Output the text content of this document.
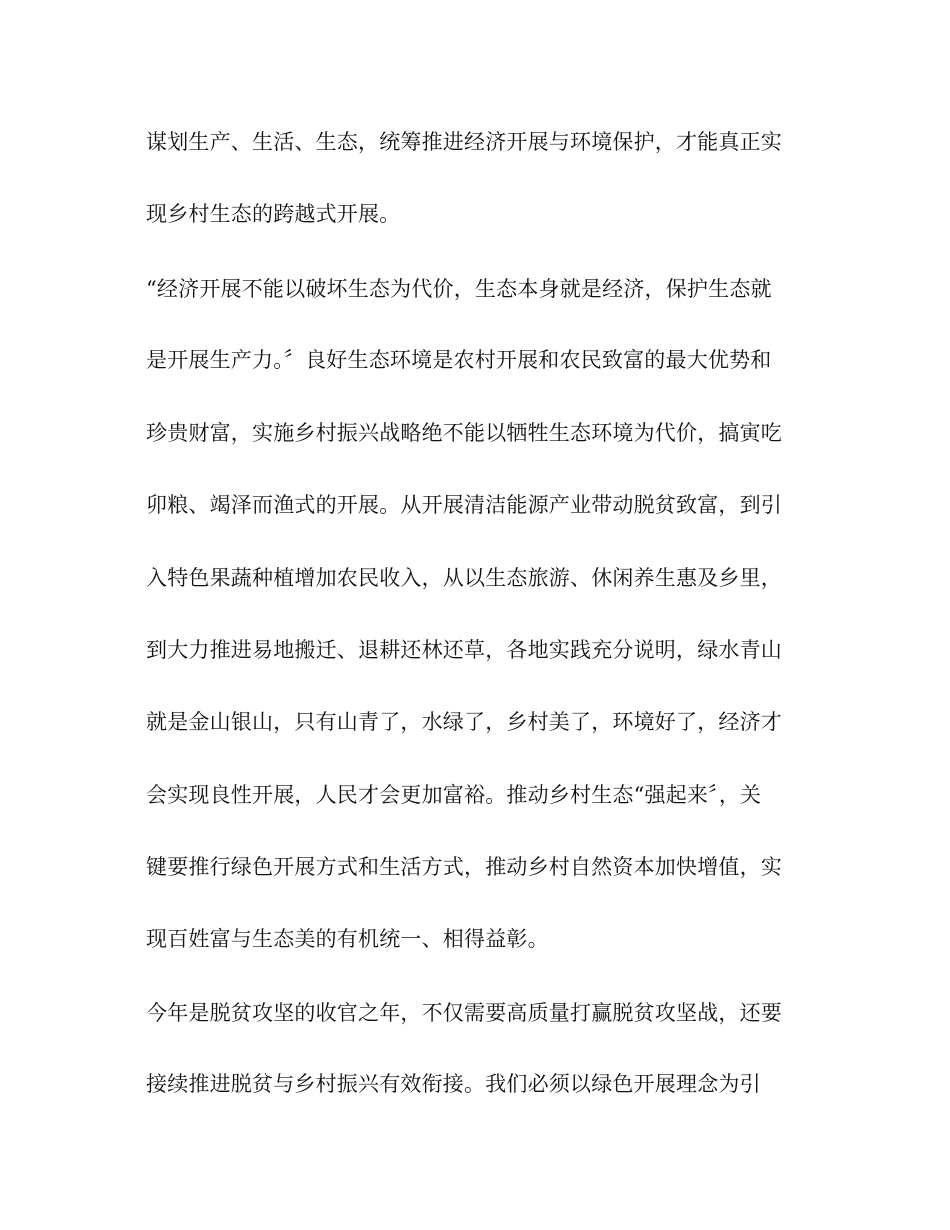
谋划生产、生活、生态，统筹推进经济开展与环境保护，才能真正实
现乡村生态的跨越式开展。
“经济开展不能以破坏生态为代价，生态本身就是经济，保护生态就
是开展生产力。〞良好生态环境是农村开展和农民致富的最大优势和
珍贵财富，实施乡村振兴战略绝不能以牺牲生态环境为代价，搞寅吃
卯粮、竭泽而渔式的开展。从开展清洁能源产业带动脱贫致富，到引
入特色果蔬种植增加农民收入，从以生态旅游、休闲养生惠及乡里，
到大力推进易地搬迁、退耕还林还草，各地实践充分说明，绿水青山
就是金山银山，只有山青了，水绿了，乡村美了，环境好了，经济才
会实现良性开展，人民才会更加富裕。推动乡村生态“强起来〞，关
键要推行绿色开展方式和生活方式，推动乡村自然资本加快增值，实
现百姓富与生态美的有机统一、相得益彰。
今年是脱贫攻坚的收官之年，不仅需要高质量打赢脱贫攻坚战，还要
接续推进脱贫与乡村振兴有效衔接。我们必须以绿色开展理念为引
